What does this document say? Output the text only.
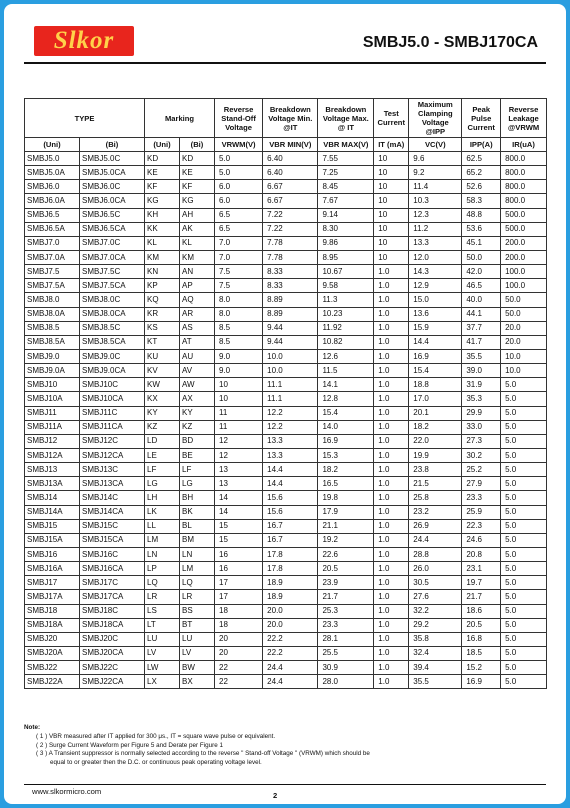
Slkor	SMBJ5.0 - SMBJ170CA
TYPE		Marking		Reverse Stand-Off Voltage	Breakdown Voltage Min. @IT	Breakdown Voltage Max. @ IT	Test Current	Maximum Clamping Voltage @IPP	Peak Pulse Current	Reverse Leakage @VRWM
(Uni)	(Bi)	(Uni)	(Bi)	VRWM(V)	VBR MIN(V)	VBR MAX(V)	IT (mA)	VC(V)	IPP(A)	IR(uA)
SMBJ5.0	SMBJ5.0C	KD	KD	5.0	6.40	7.55	10	9.6	62.5	800.0
SMBJ5.0A	SMBJ5.0CA	KE	KE	5.0	6.40	7.25	10	9.2	65.2	800.0
SMBJ6.0	SMBJ6.0C	KF	KF	6.0	6.67	8.45	10	11.4	52.6	800.0
SMBJ6.0A	SMBJ6.0CA	KG	KG	6.0	6.67	7.67	10	10.3	58.3	800.0
SMBJ6.5	SMBJ6.5C	KH	AH	6.5	7.22	9.14	10	12.3	48.8	500.0
SMBJ6.5A	SMBJ6.5CA	KK	AK	6.5	7.22	8.30	10	11.2	53.6	500.0
SMBJ7.0	SMBJ7.0C	KL	KL	7.0	7.78	9.86	10	13.3	45.1	200.0
SMBJ7.0A	SMBJ7.0CA	KM	KM	7.0	7.78	8.95	10	12.0	50.0	200.0
SMBJ7.5	SMBJ7.5C	KN	AN	7.5	8.33	10.67	1.0	14.3	42.0	100.0
SMBJ7.5A	SMBJ7.5CA	KP	AP	7.5	8.33	9.58	1.0	12.9	46.5	100.0
SMBJ8.0	SMBJ8.0C	KQ	AQ	8.0	8.89	11.3	1.0	15.0	40.0	50.0
SMBJ8.0A	SMBJ8.0CA	KR	AR	8.0	8.89	10.23	1.0	13.6	44.1	50.0
SMBJ8.5	SMBJ8.5C	KS	AS	8.5	9.44	11.92	1.0	15.9	37.7	20.0
SMBJ8.5A	SMBJ8.5CA	KT	AT	8.5	9.44	10.82	1.0	14.4	41.7	20.0
SMBJ9.0	SMBJ9.0C	KU	AU	9.0	10.0	12.6	1.0	16.9	35.5	10.0
SMBJ9.0A	SMBJ9.0CA	KV	AV	9.0	10.0	11.5	1.0	15.4	39.0	10.0
SMBJ10	SMBJ10C	KW	AW	10	11.1	14.1	1.0	18.8	31.9	5.0
SMBJ10A	SMBJ10CA	KX	AX	10	11.1	12.8	1.0	17.0	35.3	5.0
SMBJ11	SMBJ11C	KY	KY	11	12.2	15.4	1.0	20.1	29.9	5.0
SMBJ11A	SMBJ11CA	KZ	KZ	11	12.2	14.0	1.0	18.2	33.0	5.0
SMBJ12	SMBJ12C	LD	BD	12	13.3	16.9	1.0	22.0	27.3	5.0
SMBJ12A	SMBJ12CA	LE	BE	12	13.3	15.3	1.0	19.9	30.2	5.0
SMBJ13	SMBJ13C	LF	LF	13	14.4	18.2	1.0	23.8	25.2	5.0
SMBJ13A	SMBJ13CA	LG	LG	13	14.4	16.5	1.0	21.5	27.9	5.0
SMBJ14	SMBJ14C	LH	BH	14	15.6	19.8	1.0	25.8	23.3	5.0
SMBJ14A	SMBJ14CA	LK	BK	14	15.6	17.9	1.0	23.2	25.9	5.0
SMBJ15	SMBJ15C	LL	BL	15	16.7	21.1	1.0	26.9	22.3	5.0
SMBJ15A	SMBJ15CA	LM	BM	15	16.7	19.2	1.0	24.4	24.6	5.0
SMBJ16	SMBJ16C	LN	LN	16	17.8	22.6	1.0	28.8	20.8	5.0
SMBJ16A	SMBJ16CA	LP	LM	16	17.8	20.5	1.0	26.0	23.1	5.0
SMBJ17	SMBJ17C	LQ	LQ	17	18.9	23.9	1.0	30.5	19.7	5.0
SMBJ17A	SMBJ17CA	LR	LR	17	18.9	21.7	1.0	27.6	21.7	5.0
SMBJ18	SMBJ18C	LS	BS	18	20.0	25.3	1.0	32.2	18.6	5.0
SMBJ18A	SMBJ18CA	LT	BT	18	20.0	23.3	1.0	29.2	20.5	5.0
SMBJ20	SMBJ20C	LU	LU	20	22.2	28.1	1.0	35.8	16.8	5.0
SMBJ20A	SMBJ20CA	LV	LV	20	22.2	25.5	1.0	32.4	18.5	5.0
SMBJ22	SMBJ22C	LW	BW	22	24.4	30.9	1.0	39.4	15.2	5.0
SMBJ22A	SMBJ22CA	LX	BX	22	24.4	28.0	1.0	35.5	16.9	5.0
Note:
( 1 ) VBR measured after IT applied for 300 μs., IT = square wave pulse or equivalent.
( 2 ) Surge Current Waveform per Figure 5 and Derate per Figure 1
( 3 ) A Transient suppressor is normally selected according to the reverse " Stand-off Voltage " (VRWM) which should be
equal to or greater then the D.C. or continuous peak operating voltage level.
www.slkormicro.com	2
